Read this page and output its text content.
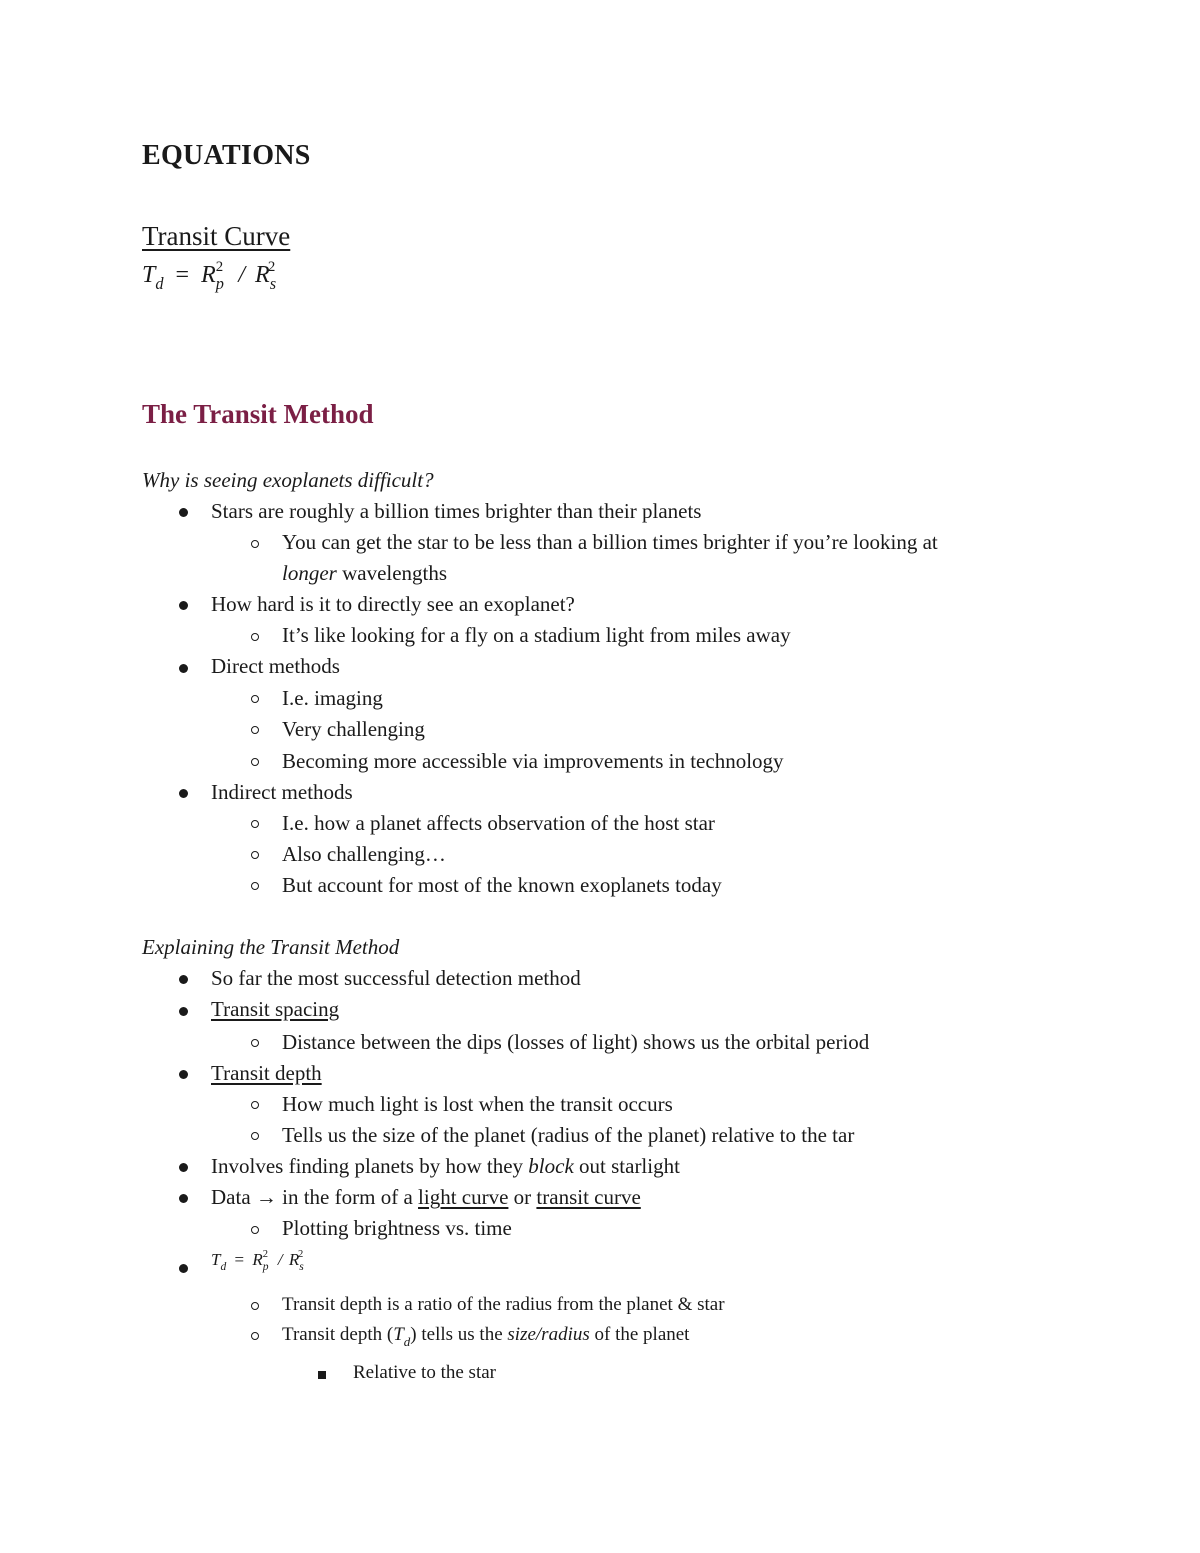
EQUATIONS
Transit Curve
$T_d = R_p^2 / R_s^2$
The Transit Method
Why is seeing exoplanets difficult?
Stars are roughly a billion times brighter than their planets
You can get the star to be less than a billion times brighter if you’re looking at
longer wavelengths
How hard is it to directly see an exoplanet?
It’s like looking for a fly on a stadium light from miles away
Direct methods
I.e. imaging
Very challenging
Becoming more accessible via improvements in technology
Indirect methods
I.e. how a planet affects observation of the host star
Also challenging…
But account for most of the known exoplanets today
Explaining the Transit Method
So far the most successful detection method
Transit spacing
Distance between the dips (losses of light) shows us the orbital period
Transit depth
How much light is lost when the transit occurs
Tells us the size of the planet (radius of the planet) relative to the tar
Involves finding planets by how they block out starlight
Data → in the form of a light curve or transit curve
Plotting brightness vs. time
$T_d = R_p^2 / R_s^2$
Transit depth is a ratio of the radius from the planet & star
Transit depth $(T_d)$ tells us the size/radius of the planet
Relative to the star
